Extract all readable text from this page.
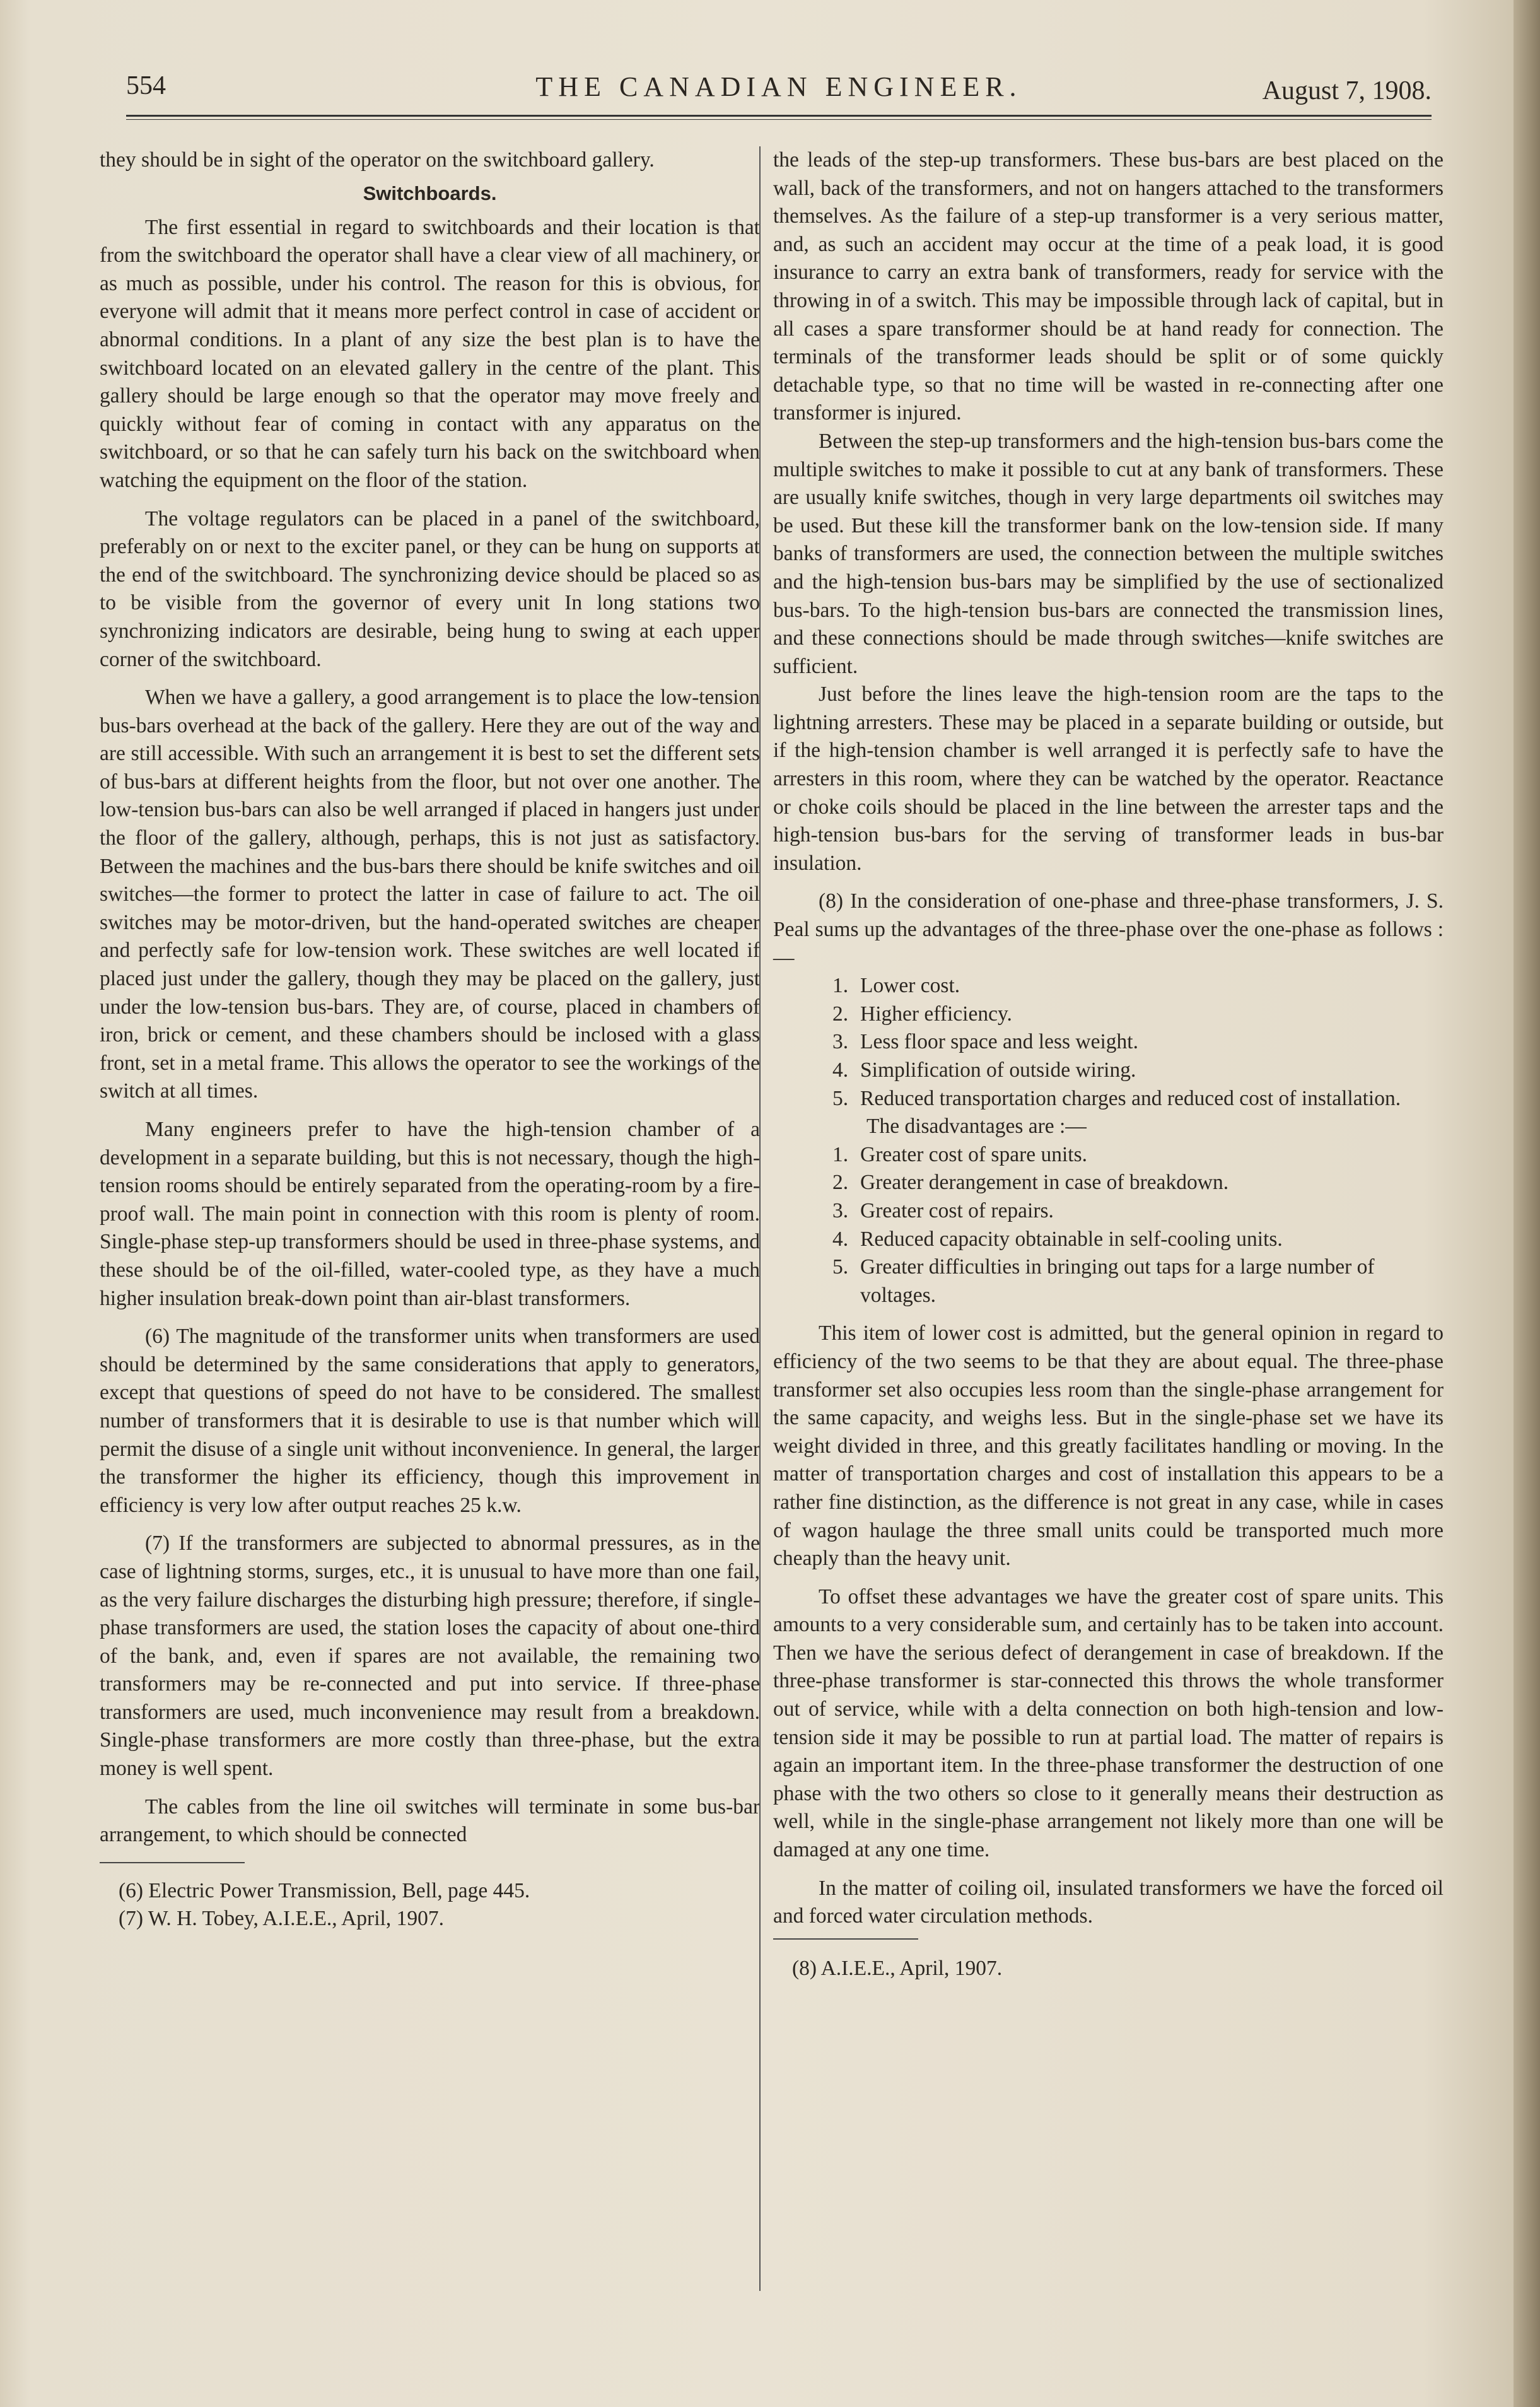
554	THE CANADIAN ENGINEER.	August 7, 1908.

they should be in sight of the operator on the switchboard gallery.

Switchboards.

The first essential in regard to switchboards and their location is that from the switchboard the operator shall have a clear view of all machinery, or as much as possible, under his control. The reason for this is obvious, for everyone will admit that it means more perfect control in case of accident or abnormal conditions. In a plant of any size the best plan is to have the switchboard located on an elevated gallery in the centre of the plant. This gallery should be large enough so that the operator may move freely and quickly without fear of coming in contact with any apparatus on the switchboard, or so that he can safely turn his back on the switchboard when watching the equipment on the floor of the station.

The voltage regulators can be placed in a panel of the switchboard, preferably on or next to the exciter panel, or they can be hung on supports at the end of the switchboard. The synchronizing device should be placed so as to be visible from the governor of every unit In long stations two synchronizing indicators are desirable, being hung to swing at each upper corner of the switchboard.

When we have a gallery, a good arrangement is to place the low-tension bus-bars overhead at the back of the gallery. Here they are out of the way and are still accessible. With such an arrangement it is best to set the different sets of bus-bars at different heights from the floor, but not over one another. The low-tension bus-bars can also be well arranged if placed in hangers just under the floor of the gallery, although, perhaps, this is not just as satisfactory. Between the machines and the bus-bars there should be knife switches and oil switches—the former to protect the latter in case of failure to act. The oil switches may be motor-driven, but the hand-operated switches are cheaper and perfectly safe for low-tension work. These switches are well located if placed just under the gallery, though they may be placed on the gallery, just under the low-tension bus-bars. They are, of course, placed in chambers of iron, brick or cement, and these chambers should be inclosed with a glass front, set in a metal frame. This allows the operator to see the workings of the switch at all times.

Many engineers prefer to have the high-tension chamber of a development in a separate building, but this is not necessary, though the high-tension rooms should be entirely separated from the operating-room by a fire-proof wall. The main point in connection with this room is plenty of room. Single-phase step-up transformers should be used in three-phase systems, and these should be of the oil-filled, water-cooled type, as they have a much higher insulation break-down point than air-blast transformers.

(6) The magnitude of the transformer units when transformers are used should be determined by the same considerations that apply to generators, except that questions of speed do not have to be considered. The smallest number of transformers that it is desirable to use is that number which will permit the disuse of a single unit without inconvenience. In general, the larger the transformer the higher its efficiency, though this improvement in efficiency is very low after output reaches 25 k.w.

(7) If the transformers are subjected to abnormal pressures, as in the case of lightning storms, surges, etc., it is unusual to have more than one fail, as the very failure discharges the disturbing high pressure; therefore, if single-phase transformers are used, the station loses the capacity of about one-third of the bank, and, even if spares are not available, the remaining two transformers may be re-connected and put into service. If three-phase transformers are used, much inconvenience may result from a breakdown. Single-phase transformers are more costly than three-phase, but the extra money is well spent.

The cables from the line oil switches will terminate in some bus-bar arrangement, to which should be connected

(6) Electric Power Transmission, Bell, page 445.
(7) W. H. Tobey, A.I.E.E., April, 1907.

the leads of the step-up transformers. These bus-bars are best placed on the wall, back of the transformers, and not on hangers attached to the transformers themselves. As the failure of a step-up transformer is a very serious matter, and, as such an accident may occur at the time of a peak load, it is good insurance to carry an extra bank of transformers, ready for service with the throwing in of a switch. This may be impossible through lack of capital, but in all cases a spare transformer should be at hand ready for connection. The terminals of the transformer leads should be split or of some quickly detachable type, so that no time will be wasted in re-connecting after one transformer is injured.

Between the step-up transformers and the high-tension bus-bars come the multiple switches to make it possible to cut at any bank of transformers. These are usually knife switches, though in very large departments oil switches may be used. But these kill the transformer bank on the low-tension side. If many banks of transformers are used, the connection between the multiple switches and the high-tension bus-bars may be simplified by the use of sectionalized bus-bars. To the high-tension bus-bars are connected the transmission lines, and these connections should be made through switches—knife switches are sufficient.

Just before the lines leave the high-tension room are the taps to the lightning arresters. These may be placed in a separate building or outside, but if the high-tension chamber is well arranged it is perfectly safe to have the arresters in this room, where they can be watched by the operator. Reactance or choke coils should be placed in the line between the arrester taps and the high-tension bus-bars for the serving of transformer leads in bus-bar insulation.

(8) In the consideration of one-phase and three-phase transformers, J. S. Peal sums up the advantages of the three-phase over the one-phase as follows :—

1. Lower cost.
2. Higher efficiency.
3. Less floor space and less weight.
4. Simplification of outside wiring.
5. Reduced transportation charges and reduced cost of installation.
The disadvantages are :—
1. Greater cost of spare units.
2. Greater derangement in case of breakdown.
3. Greater cost of repairs.
4. Reduced capacity obtainable in self-cooling units.
5. Greater difficulties in bringing out taps for a large number of voltages.

This item of lower cost is admitted, but the general opinion in regard to efficiency of the two seems to be that they are about equal. The three-phase transformer set also occupies less room than the single-phase arrangement for the same capacity, and weighs less. But in the single-phase set we have its weight divided in three, and this greatly facilitates handling or moving. In the matter of transportation charges and cost of installation this appears to be a rather fine distinction, as the difference is not great in any case, while in cases of wagon haulage the three small units could be transported much more cheaply than the heavy unit.

To offset these advantages we have the greater cost of spare units. This amounts to a very considerable sum, and certainly has to be taken into account. Then we have the serious defect of derangement in case of breakdown. If the three-phase transformer is star-connected this throws the whole transformer out of service, while with a delta connection on both high-tension and low-tension side it may be possible to run at partial load. The matter of repairs is again an important item. In the three-phase transformer the destruction of one phase with the two others so close to it generally means their destruction as well, while in the single-phase arrangement not likely more than one will be damaged at any one time.

In the matter of coiling oil, insulated transformers we have the forced oil and forced water circulation methods.

(8) A.I.E.E., April, 1907.
